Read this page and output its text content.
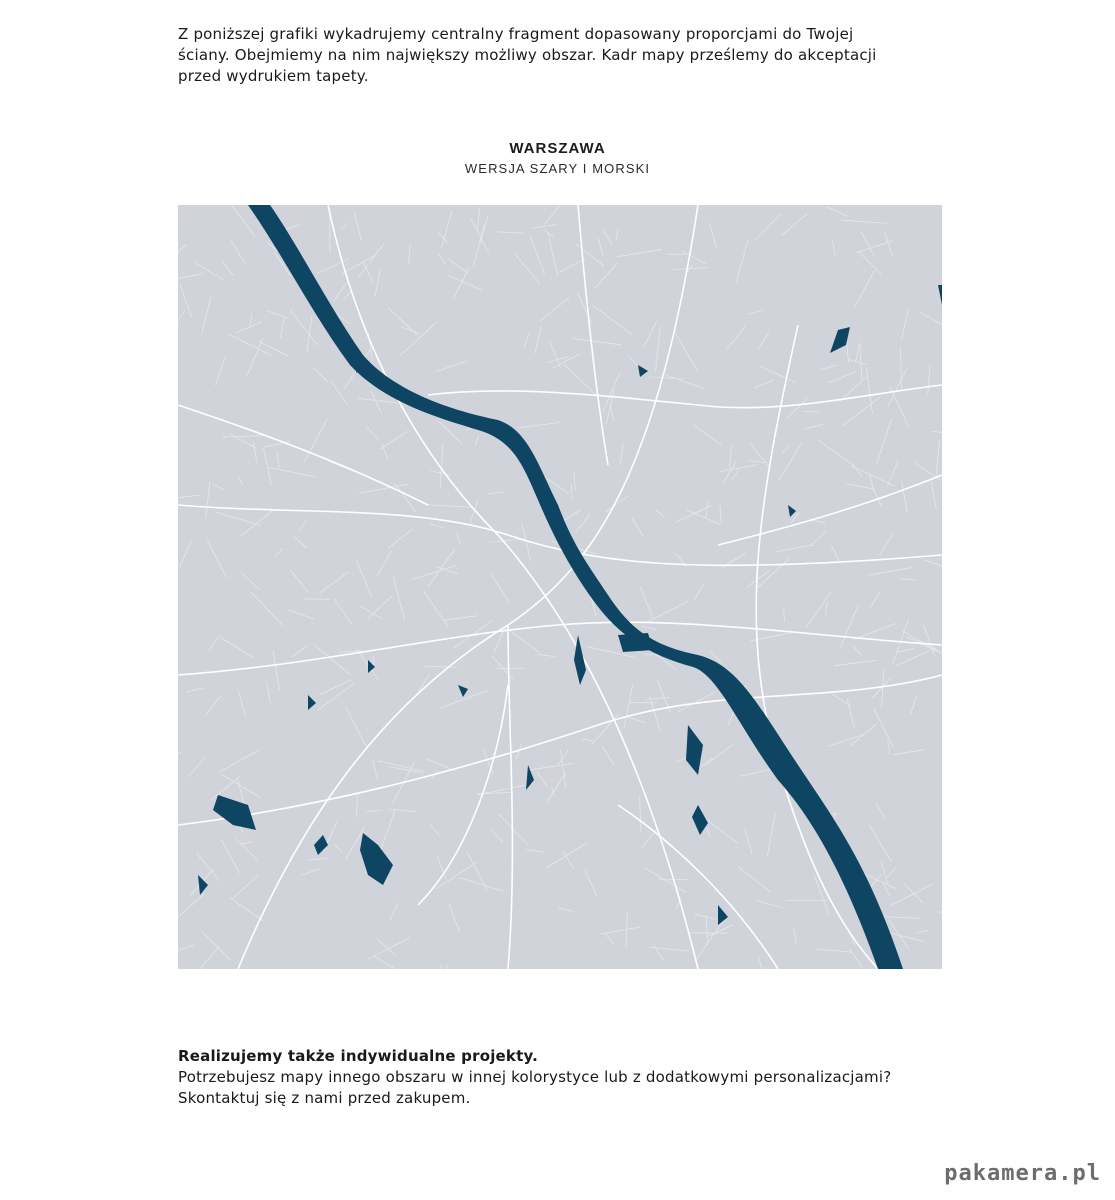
Z poniższej grafiki wykadrujemy centralny fragment dopasowany proporcjami do Twojej

ściany. Obejmiemy na nim największy możliwy obszar. Kadr mapy prześlemy do akceptacji

przed wydrukiem tapety.

WARSZAWA
WERSJA SZARY I MORSKI

Realizujemy także indywidualne projekty.

Potrzebujesz mapy innego obszaru w innej kolorystyce lub z dodatkowymi personalizacjami?

Skontaktuj się z nami przed zakupem.

pakamera.pl
